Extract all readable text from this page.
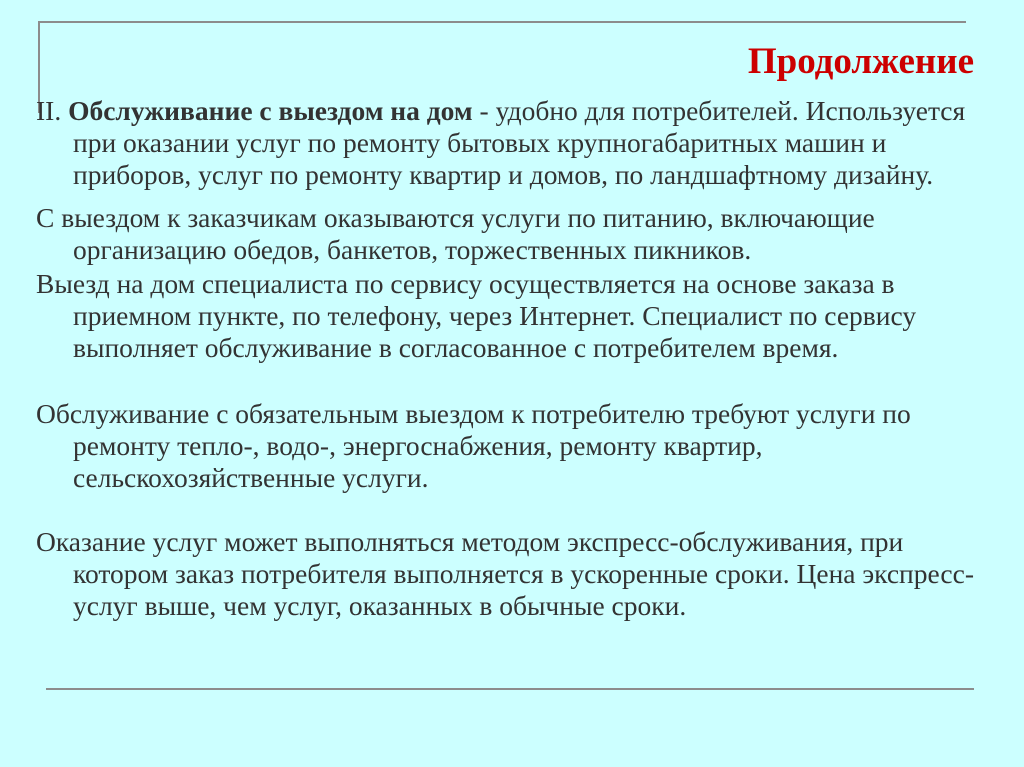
Продолжение

II. Обслуживание с выездом на дом - удобно для потребителей. Используется при оказании услуг по ремонту бытовых крупногабаритных машин и приборов, услуг по ремонту квартир и домов, по ландшафтному дизайну.

С выездом к заказчикам оказываются услуги по питанию, включающие организацию обедов, банкетов, торжественных пикников.

Выезд на дом специалиста по сервису осуществляется на основе заказа в приемном пункте, по телефону, через Интернет. Специалист по сервису выполняет обслуживание в согласованное с потребителем время.

Обслуживание с обязательным выездом к потребителю требуют услуги по ремонту тепло-, водо-, энергоснабжения, ремонту квартир, сельскохозяйственные услуги.

Оказание услуг может выполняться методом экспресс-обслуживания, при котором заказ потребителя выполняется в ускоренные сроки. Цена экспресс-услуг выше, чем услуг, оказанных в обычные сроки.
